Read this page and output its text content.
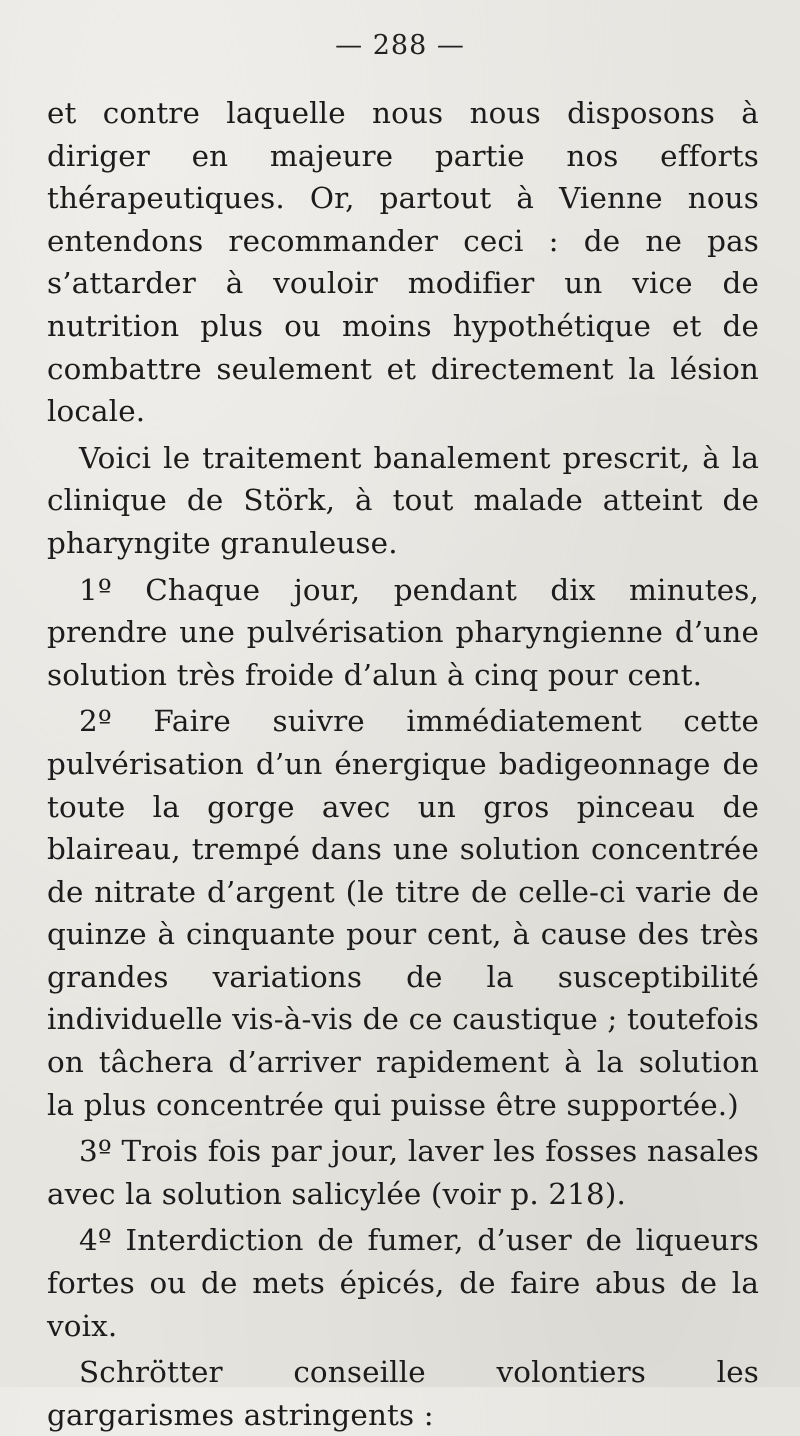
— 288 —

et contre laquelle nous nous disposons à diriger en majeure partie nos efforts thérapeutiques. Or, partout à Vienne nous entendons recommander ceci : de ne pas s’attarder à vouloir modifier un vice de nutrition plus ou moins hypothétique et de combattre seulement et directement la lésion locale.

Voici le traitement banalement prescrit, à la clinique de Störk, à tout malade atteint de pharyngite granuleuse.

1º Chaque jour, pendant dix minutes, prendre une pulvérisation pharyngienne d’une solution très froide d’alun à cinq pour cent.

2º Faire suivre immédiatement cette pulvérisation d’un énergique badigeonnage de toute la gorge avec un gros pinceau de blaireau, trempé dans une solution concentrée de nitrate d’argent (le titre de celle-ci varie de quinze à cinquante pour cent, à cause des très grandes variations de la susceptibilité individuelle vis-à-vis de ce caustique ; toutefois on tâchera d’arriver rapidement à la solution la plus concentrée qui puisse être supportée.)

3º Trois fois par jour, laver les fosses nasales avec la solution salicylée (voir p. 218).

4º Interdiction de fumer, d’user de liqueurs fortes ou de mets épicés, de faire abus de la voix.

Schrötter conseille volontiers les gargarismes astringents :
